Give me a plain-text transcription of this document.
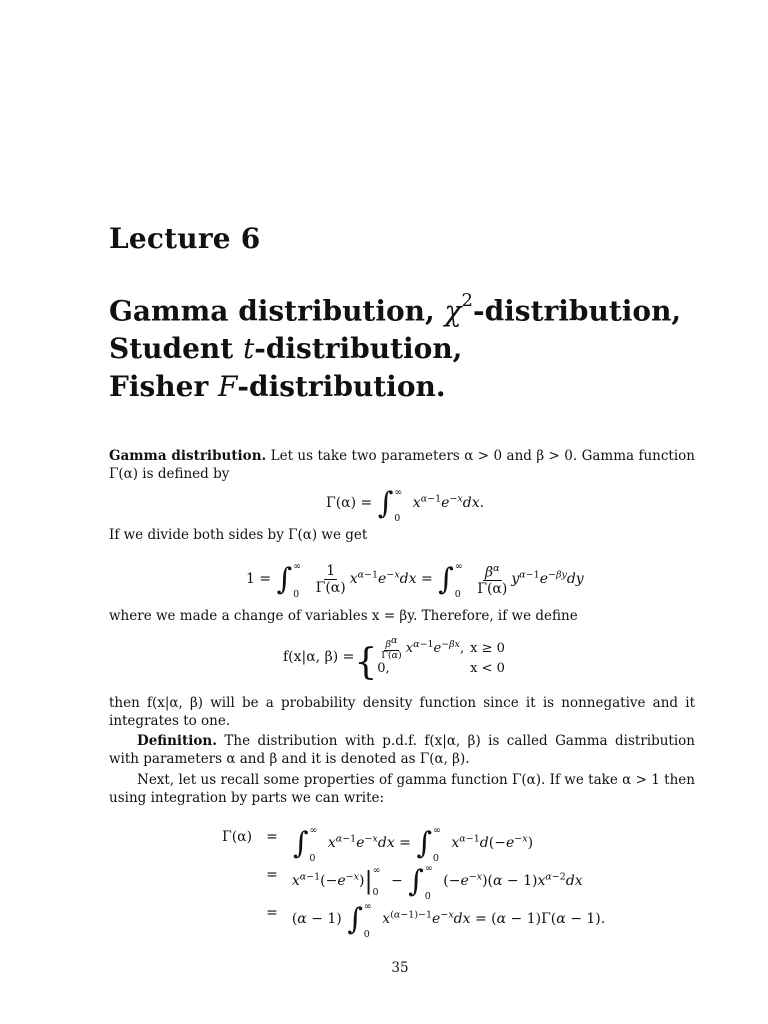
Lecture 6
Gamma distribution, $\chi^2$-distribution,
Student t-distribution,
Fisher F-distribution.
Gamma distribution. Let us take two parameters α > 0 and β > 0. Gamma function Γ(α) is defined by
$\Gamma(\alpha) = \int^\infty_0$ $x^{\alpha-1}e^{-x}dx$.
If we divide both sides by Γ(α) we get
$1 = \int^\infty_0 \frac{1}{\Gamma(\alpha)} x^{\alpha-1}e^{-x}dx = \int^\infty_0 \frac{\beta^\alpha}{\Gamma(\alpha)} y^{\alpha-1}e^{-\beta y}dy$
where we made a change of variables x = βy. Therefore, if we define
f(x|α, β) = { $\frac{\beta^\alpha}{\Gamma(\alpha)} x^{\alpha-1}e^{-\beta x}$,	x ≥ 0
0,	x < 0
then f(x|α, β) will be a probability density function since it is nonnegative and it integrates to one.
Definition. The distribution with p.d.f. f(x|α, β) is called Gamma distribution with parameters α and β and it is denoted as Γ(α, β).
Next, let us recall some properties of gamma function Γ(α). If we take α > 1 then using integration by parts we can write:
Γ(α)	=	$\int^\infty_0$ $x^{\alpha-1}e^{-x}dx = \int^\infty_0$ $x^{\alpha-1}d(-e^{-x})$
	=	$x^{\alpha-1}(-e^{-x})|^\infty_0 - \int^\infty_0$ $(-e^{-x})(\alpha - 1)x^{\alpha-2}dx$
	=	(α − 1) $\int^\infty_0$ $x^{(\alpha-1)-1}e^{-x}dx = (\alpha - 1)\Gamma(\alpha - 1)$.
35
